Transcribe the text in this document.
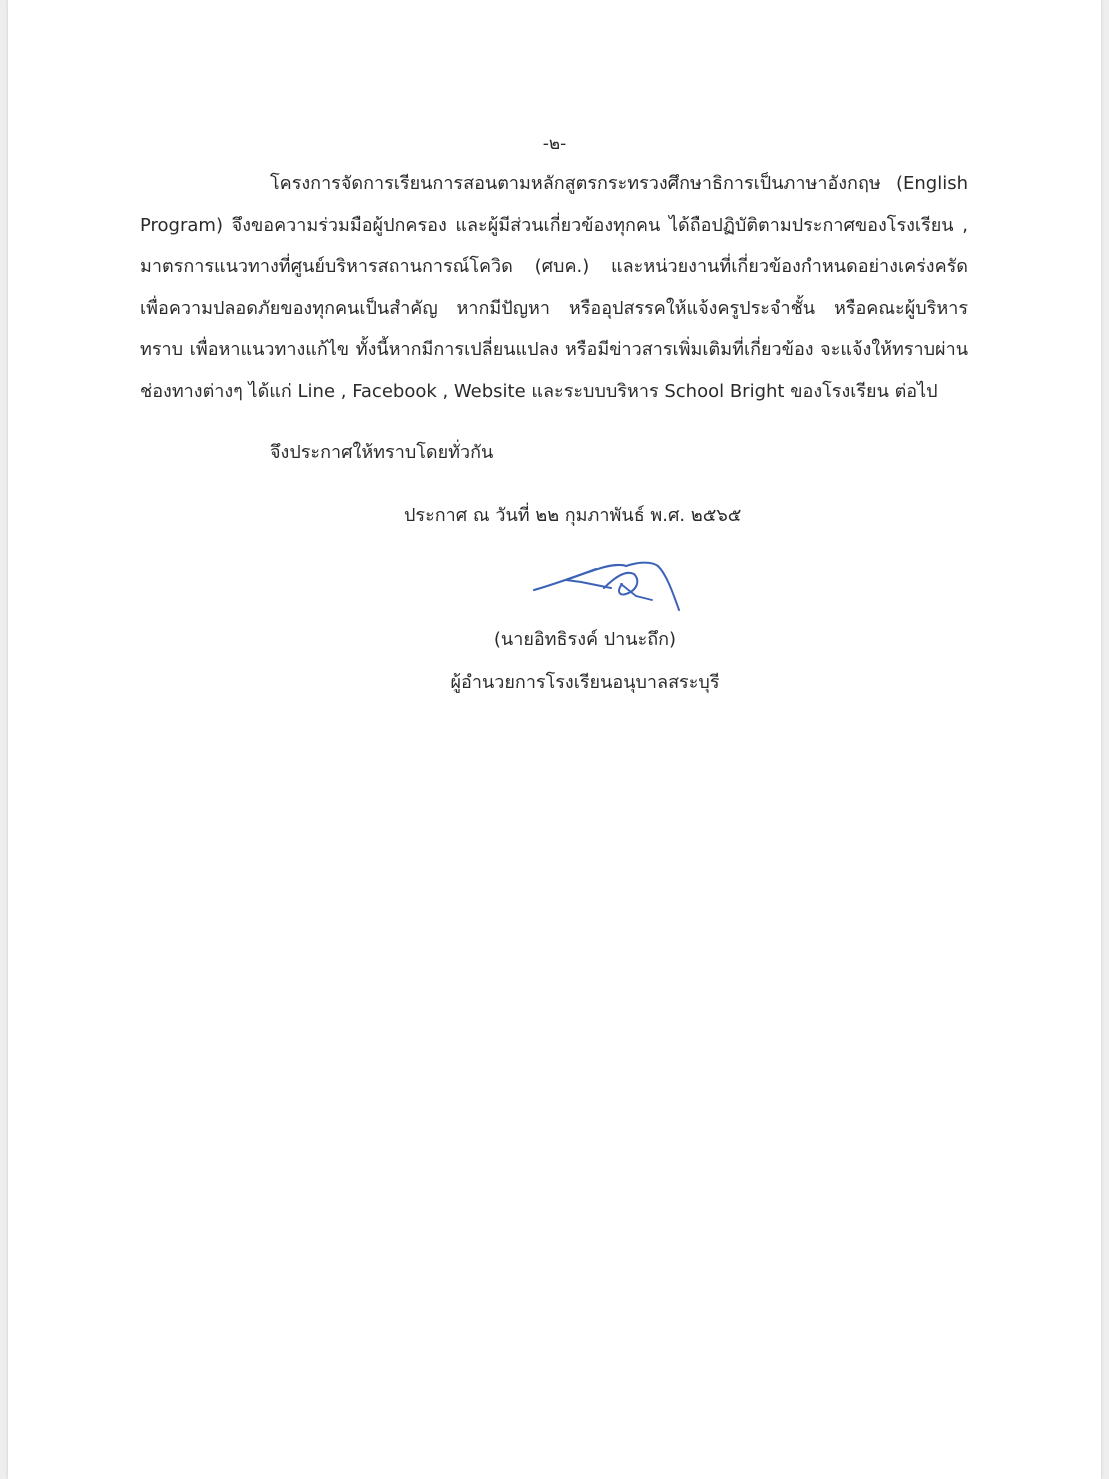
-๒-
โครงการจัดการเรียนการสอนตามหลักสูตรกระทรวงศึกษาธิการเป็นภาษาอังกฤษ (English
Program) จึงขอความร่วมมือผู้ปกครอง และผู้มีส่วนเกี่ยวข้องทุกคน ได้ถือปฏิบัติตามประกาศของโรงเรียน ,
มาตรการแนวทางที่ศูนย์บริหารสถานการณ์โควิด (ศบค.) และหน่วยงานที่เกี่ยวข้องกำหนดอย่างเคร่งครัด
เพื่อความปลอดภัยของทุกคนเป็นสำคัญ หากมีปัญหา หรืออุปสรรคให้แจ้งครูประจำชั้น หรือคณะผู้บริหาร
ทราบ เพื่อหาแนวทางแก้ไข ทั้งนี้หากมีการเปลี่ยนแปลง หรือมีข่าวสารเพิ่มเติมที่เกี่ยวข้อง จะแจ้งให้ทราบผ่าน
ช่องทางต่างๆ ได้แก่ Line , Facebook , Website และระบบบริหาร School Bright ของโรงเรียน ต่อไป
จึงประกาศให้ทราบโดยทั่วกัน
ประกาศ ณ วันที่ ๒๒ กุมภาพันธ์ พ.ศ. ๒๕๖๕
(นายอิทธิรงค์ ปานะถึก)
ผู้อำนวยการโรงเรียนอนุบาลสระบุรี
